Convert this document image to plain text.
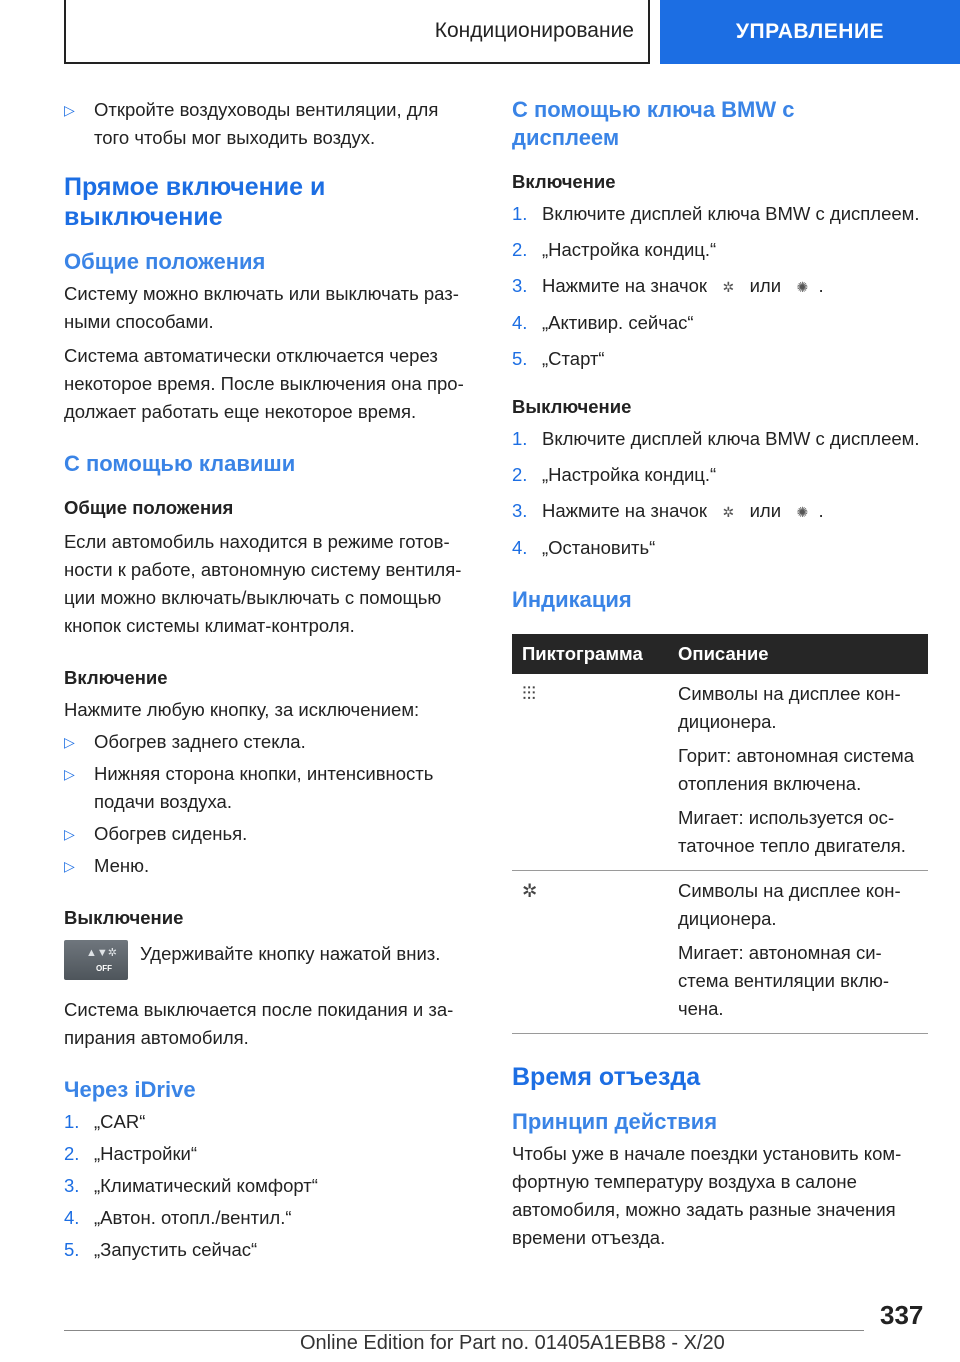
Кондиционирование	УПРАВЛЕНИЕ
▷ Откройте воздуховоды вентиляции, для того чтобы мог выходить воздух.
Прямое включение и выключение
Общие положения

Систему можно включать или выключать разными способами.

Система автоматически отключается через некоторое время. После выключения она продолжает работать еще некоторое время.

С помощью клавиши
Общие положения

Если автомобиль находится в режиме готовности к работе, автономную систему вентиляции можно включать/выключать с помощью кнопок системы климат-контроля.

Включение

Нажмите любую кнопку, за исключением:

▷ Обогрев заднего стекла.
▷ Нижняя сторона кнопки, интенсивность подачи воздуха.
▷ Обогрев сиденья.
▷ Меню.
Выключение
▲▼✲
OFF

Удерживайте кнопку нажатой вниз.

Система выключается после покидания и запирания автомобиля.

Через iDrive
1. „CAR“
2. „Настройки“
3. „Климатический комфорт“
4. „Автон. отопл./вентил.“
5. „Запустить сейчас“
С помощью ключа BMW с дисплеем
Включение
1. Включите дисплей ключа BMW с дисплеем.
2. „Настройка кондиц.“
3. Нажмите на значок ✲ или ✺ .
4. „Активир. сейчас“
5. „Старт“
Выключение
1. Включите дисплей ключа BMW с дисплеем.
2. „Настройка кондиц.“
3. Нажмите на значок ✲ или ✺ .
4. „Остановить“
Индикация
Пиктограмма	Описание
⫶⫶⫶	Символы на дисплее кондиционера.

Горит: автономная система отопления включена.

Мигает: используется остаточное тепло двигателя.

✲	Символы на дисплее кондиционера.

Мигает: автономная система вентиляции включена.

Время отъезда
Принцип действия

Чтобы уже в начале поездки установить комфортную температуру воздуха в салоне автомобиля, можно задать разные значения времени отъезда.

337
Online Edition for Part no. 01405A1EBB8 - X/20
